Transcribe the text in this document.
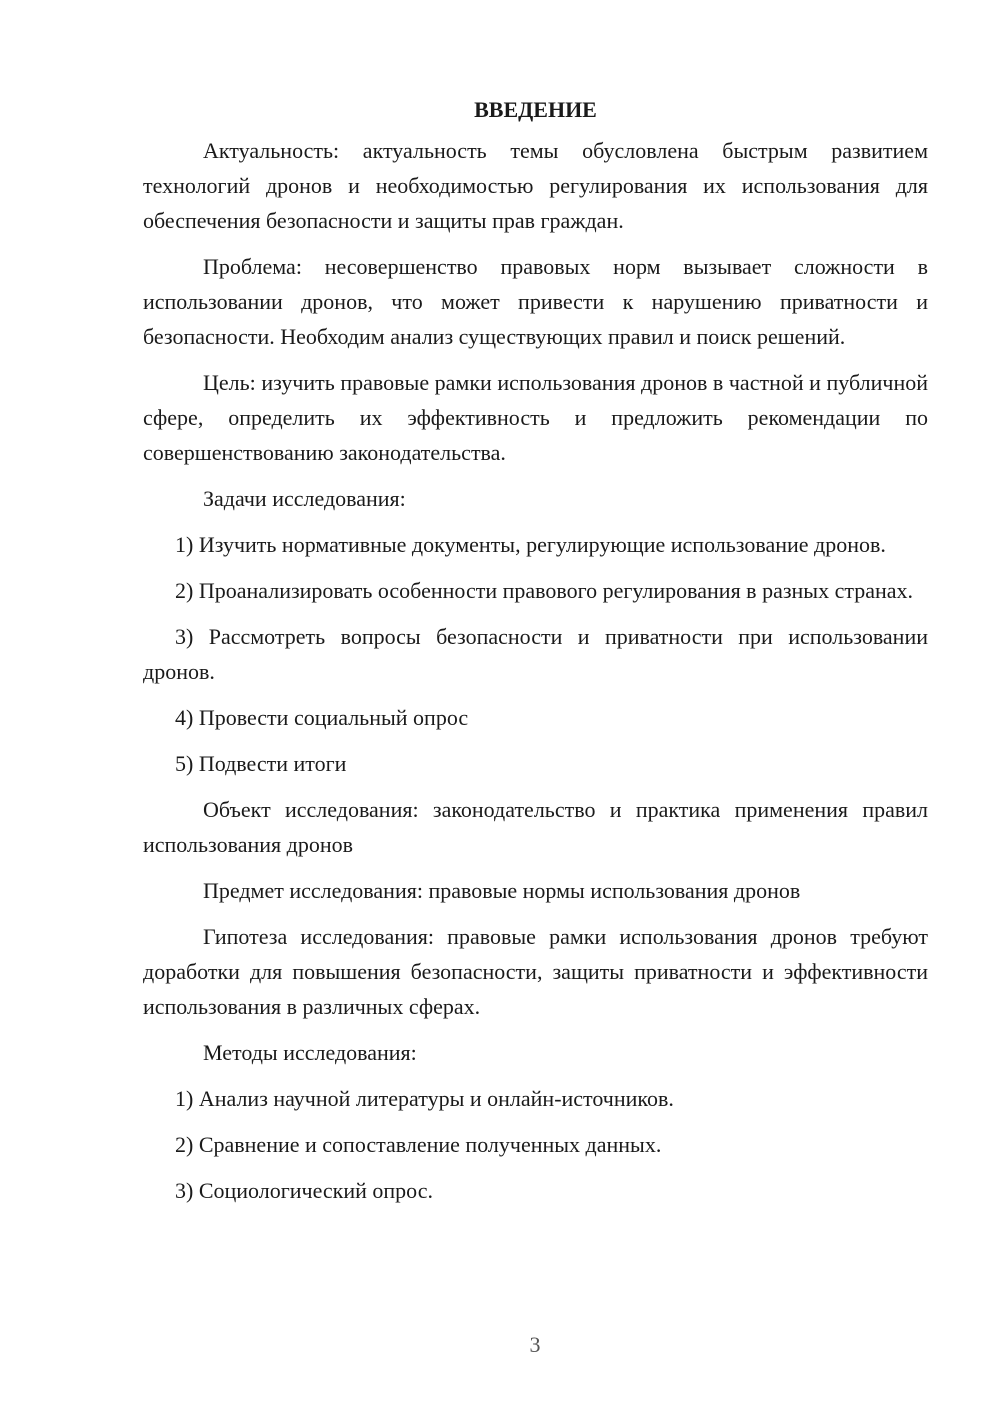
ВВЕДЕНИЕ

Актуальность: актуальность темы обусловлена быстрым развитием технологий дронов и необходимостью регулирования их использования для обеспечения безопасности и защиты прав граждан.

Проблема: несовершенство правовых норм вызывает сложности в использовании дронов, что может привести к нарушению приватности и безопасности. Необходим анализ существующих правил и поиск решений.

Цель: изучить правовые рамки использования дронов в частной и публичной сфере, определить их эффективность и предложить рекомендации по совершенствованию законодательства.

Задачи исследования:

1) Изучить нормативные документы, регулирующие использование дронов.

2) Проанализировать особенности правового регулирования в разных странах.

3) Рассмотреть вопросы безопасности и приватности при использовании дронов.

4) Провести социальный опрос

5) Подвести итоги

Объект исследования: законодательство и практика применения правил использования дронов

Предмет исследования: правовые нормы использования дронов

Гипотеза исследования: правовые рамки использования дронов требуют доработки для повышения безопасности, защиты приватности и эффективности использования в различных сферах.

Методы исследования:

1) Анализ научной литературы и онлайн-источников.

2) Сравнение и сопоставление полученных данных.

3) Социологический опрос.

3
